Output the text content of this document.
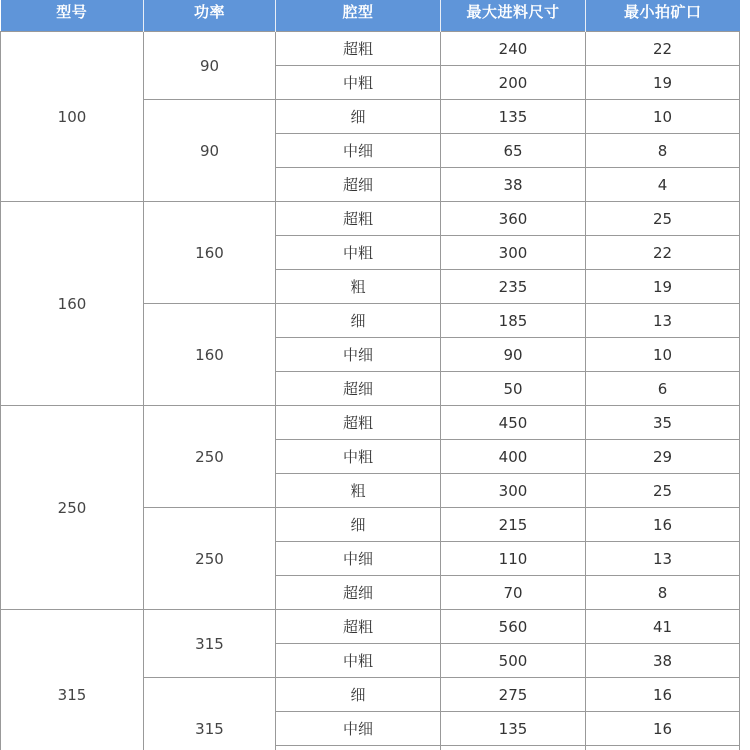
型号	功率	腔型	最大进料尺寸	最小拍矿口
100	90	超粗	240	22
		中粗	200	19
	90	细	135	10
		中细	65	8
		超细	38	4
160	160	超粗	360	25
		中粗	300	22
		粗	235	19
	160	细	185	13
		中细	90	10
		超细	50	6
250	250	超粗	450	35
		中粗	400	29
		粗	300	25
	250	细	215	16
		中细	110	13
		超细	70	8
315	315	超粗	560	41
		中粗	500	38
	315	细	275	16
		中细	135	16
